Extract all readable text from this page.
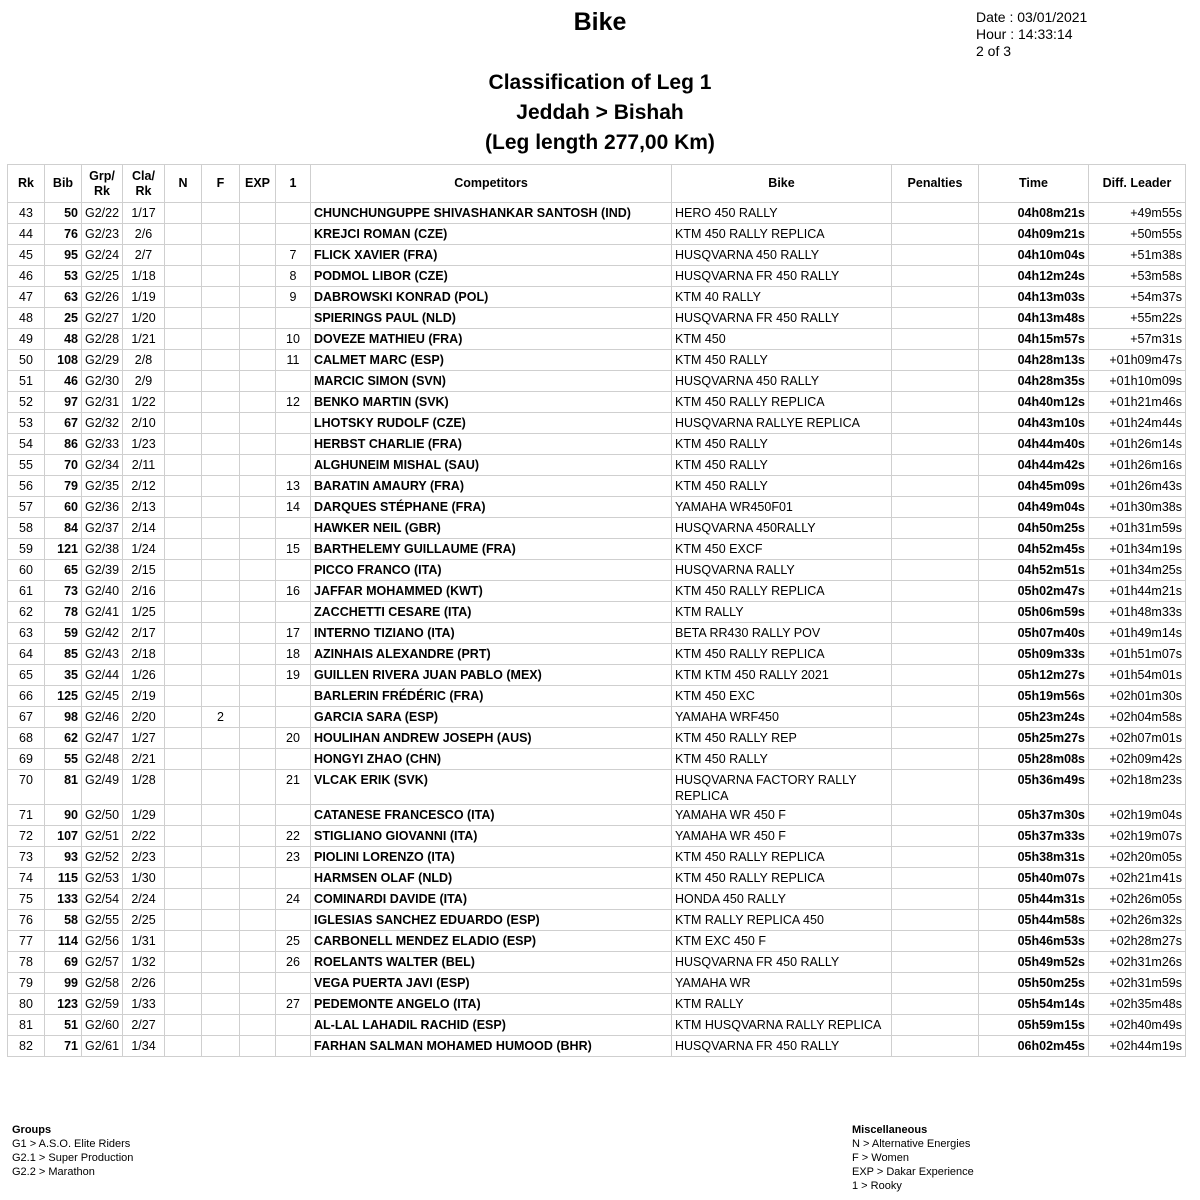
Bike	Date : 03/01/2021
Hour : 14:33:14
2 of 3
Classification of Leg 1
Jeddah > Bishah
(Leg length 277,00 Km)
Rk	Bib	Grp/ Rk	Cla/ Rk	N	F	EXP	1	Competitors	Bike	Penalties	Time	Diff. Leader
43	50	G2/22	1/17					CHUNCHUNGUPPE SHIVASHANKAR SANTOSH (IND)	HERO 450 RALLY		04h08m21s	+49m55s
44	76	G2/23	2/6					KREJCI ROMAN (CZE)	KTM 450 RALLY REPLICA		04h09m21s	+50m55s
45	95	G2/24	2/7				7	FLICK XAVIER (FRA)	HUSQVARNA 450 RALLY		04h10m04s	+51m38s
46	53	G2/25	1/18				8	PODMOL LIBOR (CZE)	HUSQVARNA FR 450 RALLY		04h12m24s	+53m58s
47	63	G2/26	1/19				9	DABROWSKI KONRAD (POL)	KTM 40 RALLY		04h13m03s	+54m37s
48	25	G2/27	1/20					SPIERINGS PAUL (NLD)	HUSQVARNA FR 450 RALLY		04h13m48s	+55m22s
49	48	G2/28	1/21				10	DOVEZE MATHIEU (FRA)	KTM 450		04h15m57s	+57m31s
50	108	G2/29	2/8				11	CALMET MARC (ESP)	KTM 450 RALLY		04h28m13s	+01h09m47s
51	46	G2/30	2/9					MARCIC SIMON (SVN)	HUSQVARNA 450 RALLY		04h28m35s	+01h10m09s
52	97	G2/31	1/22				12	BENKO MARTIN (SVK)	KTM 450 RALLY REPLICA		04h40m12s	+01h21m46s
53	67	G2/32	2/10					LHOTSKY RUDOLF (CZE)	HUSQVARNA RALLYE REPLICA		04h43m10s	+01h24m44s
54	86	G2/33	1/23					HERBST CHARLIE (FRA)	KTM 450 RALLY		04h44m40s	+01h26m14s
55	70	G2/34	2/11					ALGHUNEIM MISHAL (SAU)	KTM 450 RALLY		04h44m42s	+01h26m16s
56	79	G2/35	2/12				13	BARATIN AMAURY (FRA)	KTM 450 RALLY		04h45m09s	+01h26m43s
57	60	G2/36	2/13				14	DARQUES STÉPHANE (FRA)	YAMAHA WR450F01		04h49m04s	+01h30m38s
58	84	G2/37	2/14					HAWKER NEIL (GBR)	HUSQVARNA 450RALLY		04h50m25s	+01h31m59s
59	121	G2/38	1/24				15	BARTHELEMY GUILLAUME (FRA)	KTM 450 EXCF		04h52m45s	+01h34m19s
60	65	G2/39	2/15					PICCO FRANCO (ITA)	HUSQVARNA RALLY		04h52m51s	+01h34m25s
61	73	G2/40	2/16				16	JAFFAR MOHAMMED (KWT)	KTM 450 RALLY REPLICA		05h02m47s	+01h44m21s
62	78	G2/41	1/25					ZACCHETTI CESARE (ITA)	KTM RALLY		05h06m59s	+01h48m33s
63	59	G2/42	2/17				17	INTERNO TIZIANO (ITA)	BETA RR430 RALLY POV		05h07m40s	+01h49m14s
64	85	G2/43	2/18				18	AZINHAIS ALEXANDRE (PRT)	KTM 450 RALLY REPLICA		05h09m33s	+01h51m07s
65	35	G2/44	1/26				19	GUILLEN RIVERA JUAN PABLO (MEX)	KTM KTM 450 RALLY 2021		05h12m27s	+01h54m01s
66	125	G2/45	2/19					BARLERIN FRÉDÉRIC (FRA)	KTM 450 EXC		05h19m56s	+02h01m30s
67	98	G2/46	2/20		2			GARCIA SARA (ESP)	YAMAHA WRF450		05h23m24s	+02h04m58s
68	62	G2/47	1/27				20	HOULIHAN ANDREW JOSEPH (AUS)	KTM 450 RALLY REP		05h25m27s	+02h07m01s
69	55	G2/48	2/21					HONGYI ZHAO (CHN)	KTM 450 RALLY		05h28m08s	+02h09m42s
70	81	G2/49	1/28				21	VLCAK ERIK (SVK)	HUSQVARNA FACTORY RALLY REPLICA		05h36m49s	+02h18m23s
71	90	G2/50	1/29					CATANESE FRANCESCO (ITA)	YAMAHA WR 450 F		05h37m30s	+02h19m04s
72	107	G2/51	2/22				22	STIGLIANO GIOVANNI (ITA)	YAMAHA WR 450 F		05h37m33s	+02h19m07s
73	93	G2/52	2/23				23	PIOLINI LORENZO (ITA)	KTM 450 RALLY REPLICA		05h38m31s	+02h20m05s
74	115	G2/53	1/30					HARMSEN OLAF (NLD)	KTM 450 RALLY REPLICA		05h40m07s	+02h21m41s
75	133	G2/54	2/24				24	COMINARDI DAVIDE (ITA)	HONDA 450 RALLY		05h44m31s	+02h26m05s
76	58	G2/55	2/25					IGLESIAS SANCHEZ EDUARDO (ESP)	KTM RALLY REPLICA 450		05h44m58s	+02h26m32s
77	114	G2/56	1/31				25	CARBONELL MENDEZ ELADIO (ESP)	KTM EXC 450 F		05h46m53s	+02h28m27s
78	69	G2/57	1/32				26	ROELANTS WALTER (BEL)	HUSQVARNA FR 450 RALLY		05h49m52s	+02h31m26s
79	99	G2/58	2/26					VEGA PUERTA JAVI (ESP)	YAMAHA WR		05h50m25s	+02h31m59s
80	123	G2/59	1/33				27	PEDEMONTE ANGELO (ITA)	KTM RALLY		05h54m14s	+02h35m48s
81	51	G2/60	2/27					AL-LAL LAHADIL RACHID (ESP)	KTM HUSQVARNA RALLY REPLICA		05h59m15s	+02h40m49s
82	71	G2/61	1/34					FARHAN SALMAN MOHAMED HUMOOD (BHR)	HUSQVARNA FR 450 RALLY		06h02m45s	+02h44m19s
Groups
G1 > A.S.O. Elite Riders
G2.1 > Super Production
G2.2 > Marathon
Miscellaneous
N > Alternative Energies
F > Women
EXP > Dakar Experience
1 > Rooky
